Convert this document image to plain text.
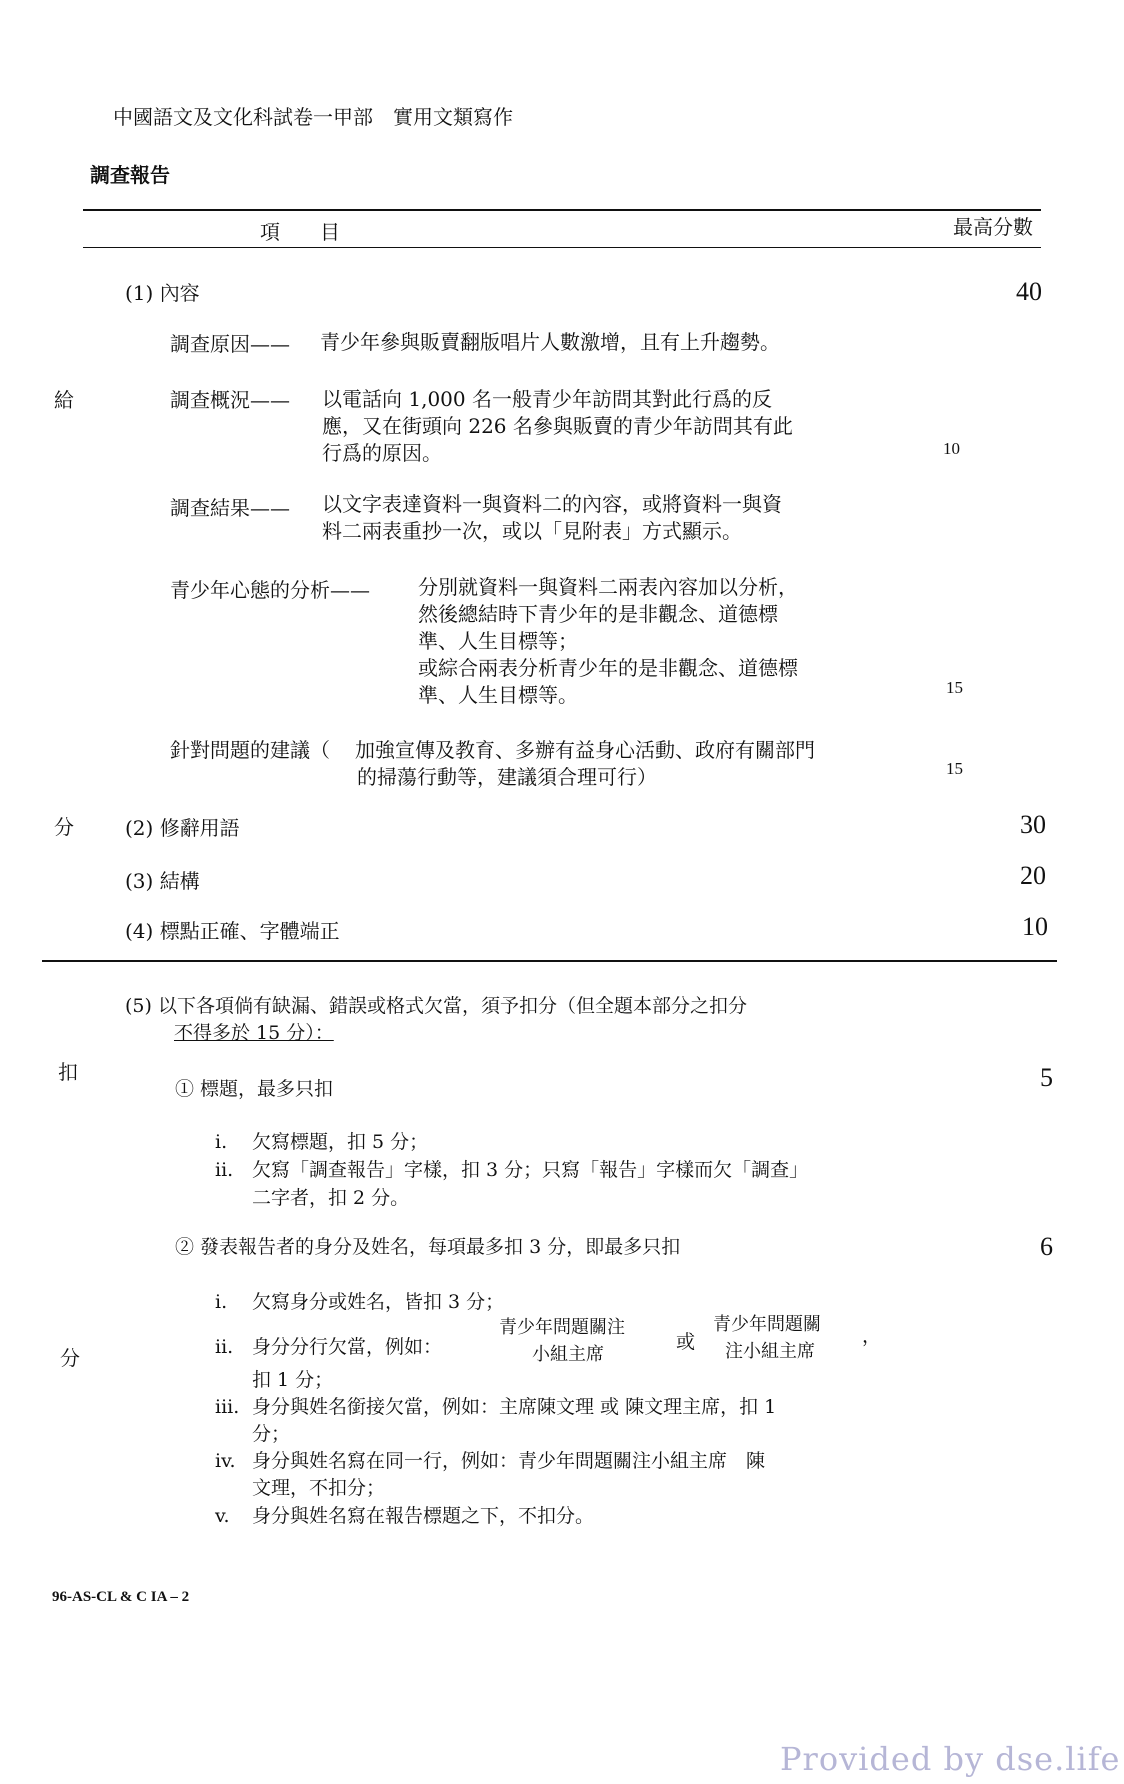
中國語文及文化科試卷一甲部　實用文類寫作
調查報告
項　　目	最高分數
給
分
扣
分
(1) 內容	40
調查原因—— 青少年參與販賣翻版唱片人數激增，且有上升趨勢。
調查概況—— 以電話向 1,000 名一般青少年訪問其對此行爲的反
應，又在街頭向 226 名參與販賣的青少年訪問其有此
行爲的原因。	10
調查結果—— 以文字表達資料一與資料二的內容，或將資料一與資
料二兩表重抄一次，或以「見附表」方式顯示。
青少年心態的分析—— 分別就資料一與資料二兩表內容加以分析，
然後總結時下青少年的是非觀念、道德標
準、人生目標等；
或綜合兩表分析青少年的是非觀念、道德標
準、人生目標等。	15
針對問題的建議（ 加強宣傳及教育、多辦有益身心活動、政府有關部門
的掃蕩行動等，建議須合理可行）	15
(2) 修辭用語	30
(3) 結構	20
(4) 標點正確、字體端正	10
(5) 以下各項倘有缺漏、錯誤或格式欠當，須予扣分（但全題本部分之扣分
不得多於 15 分）：
① 標題，最多只扣	5
i. 欠寫標題，扣 5 分；
ii. 欠寫「調查報告」字樣，扣 3 分；只寫「報告」字樣而欠「調查」
二字者，扣 2 分。
② 發表報告者的身分及姓名，每項最多扣 3 分，即最多只扣	6
i. 欠寫身分或姓名，皆扣 3 分；
ii. 身分分行欠當，例如：
青少年問題關注
小組主席
或
青少年問題關
注小組主席
，
扣 1 分；
iii. 身分與姓名銜接欠當，例如：主席陳文理 或 陳文理主席，扣 1
分；
iv. 身分與姓名寫在同一行，例如：青少年問題關注小組主席　陳
文理，不扣分；
v. 身分與姓名寫在報告標題之下，不扣分。
96-AS-CL & C IA – 2
Provided by dse.life
